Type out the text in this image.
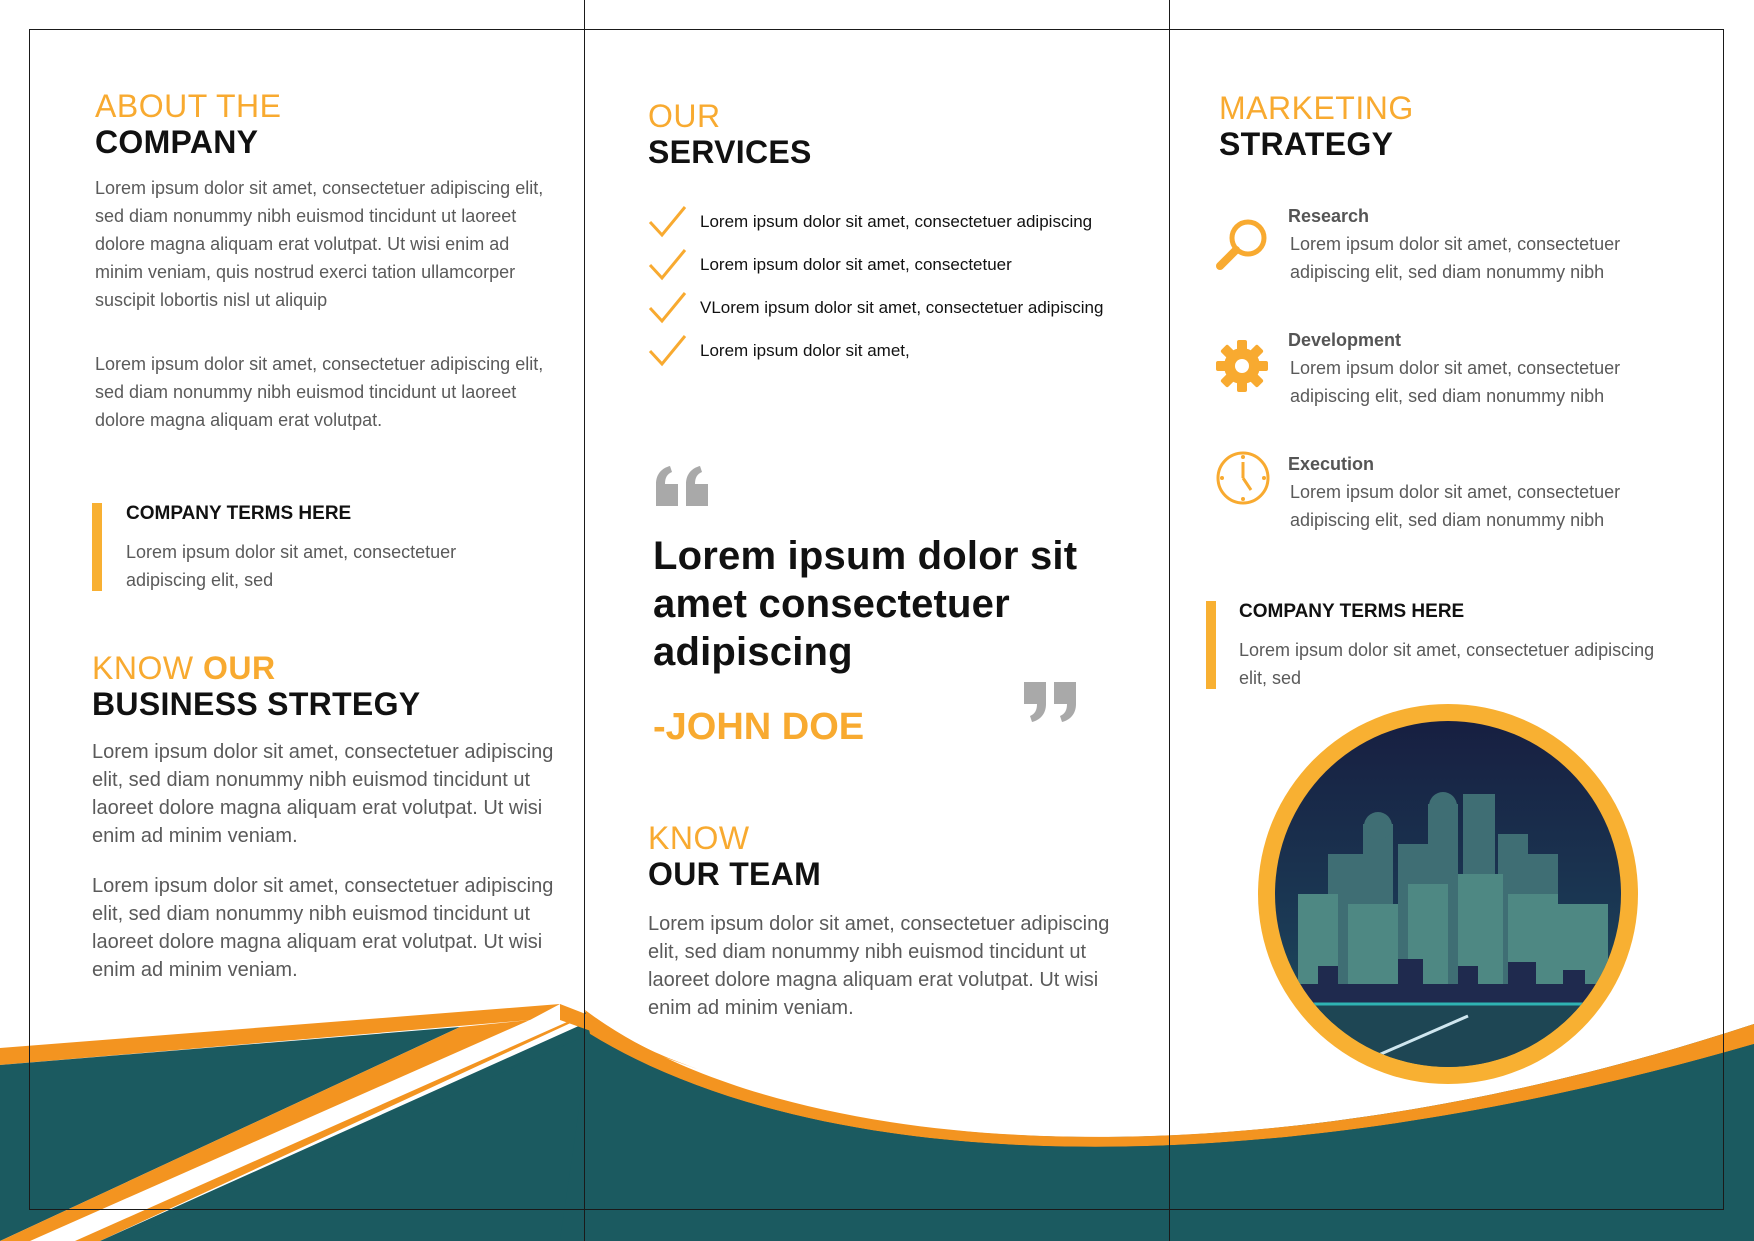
ABOUT THE
COMPANY
Lorem ipsum dolor sit amet, consectetuer adipiscing elit, sed diam nonummy nibh euismod tincidunt ut laoreet dolore magna aliquam erat volutpat. Ut wisi enim ad minim veniam, quis nostrud exerci tation ullamcorper suscipit lobortis nisl ut aliquip
Lorem ipsum dolor sit amet, consectetuer adipiscing elit, sed diam nonummy nibh euismod tincidunt ut laoreet dolore magna aliquam erat volutpat.
COMPANY TERMS HERE
Lorem ipsum dolor sit amet, consectetuer adipiscing elit, sed
KNOW OUR
BUSINESS STRTEGY
Lorem ipsum dolor sit amet, consectetuer adipiscing elit, sed diam nonummy nibh euismod tincidunt ut laoreet dolore magna aliquam erat volutpat. Ut wisi enim ad minim veniam.
Lorem ipsum dolor sit amet, consectetuer adipiscing elit, sed diam nonummy nibh euismod tincidunt ut laoreet dolore magna aliquam erat volutpat. Ut wisi enim ad minim veniam.
OUR
SERVICES
Lorem ipsum dolor sit amet, consectetuer adipiscing
Lorem ipsum dolor sit amet, consectetuer
VLorem ipsum dolor sit amet, consectetuer adipiscing
Lorem ipsum dolor sit amet,
Lorem ipsum dolor sit amet consectetuer adipiscing
-JOHN DOE
KNOW
OUR TEAM
Lorem ipsum dolor sit amet, consectetuer adipiscing elit, sed diam nonummy nibh euismod tincidunt ut laoreet dolore magna aliquam erat volutpat. Ut wisi enim ad minim veniam.
MARKETING
STRATEGY
Research
Lorem ipsum dolor sit amet, consectetuer adipiscing elit, sed diam nonummy nibh
Development
Lorem ipsum dolor sit amet, consectetuer adipiscing elit, sed diam nonummy nibh
Execution
Lorem ipsum dolor sit amet, consectetuer adipiscing elit, sed diam nonummy nibh
COMPANY TERMS HERE
Lorem ipsum dolor sit amet, consectetuer adipiscing elit, sed
